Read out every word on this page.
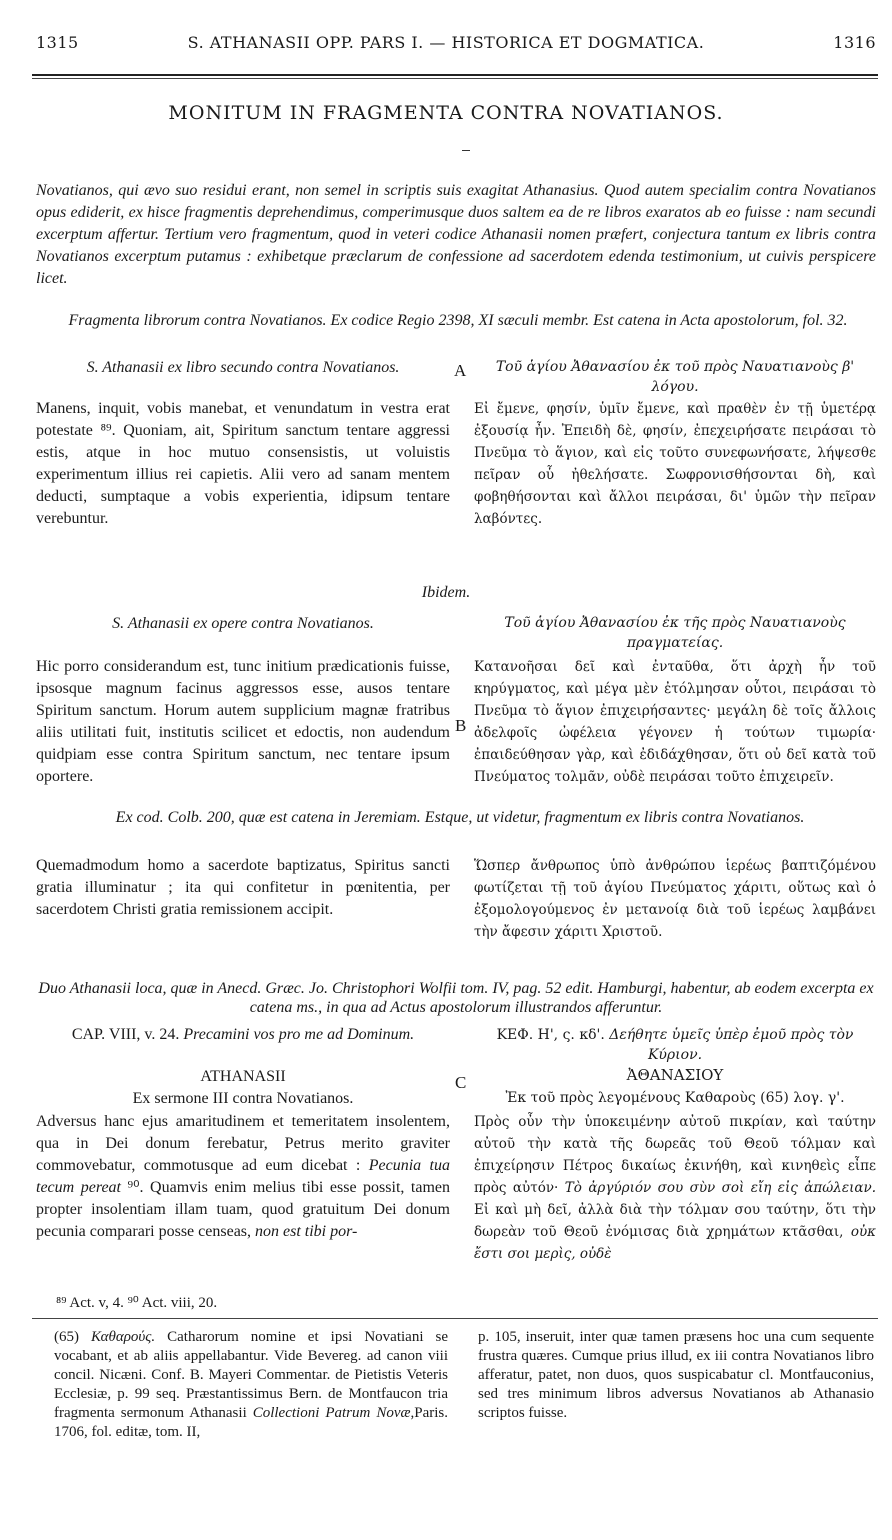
1315	S. ATHANASII OPP. PARS I. — HISTORICA ET DOGMATICA.	1316
MONITUM IN FRAGMENTA CONTRA NOVATIANOS.

Novatianos, qui ævo suo residui erant, non semel in scriptis suis exagitat Athanasius. Quod autem specialim contra Novatianos opus ediderit, ex hisce fragmentis deprehendimus, comperimusque duos saltem ea de re libros exaratos ab eo fuisse : nam secundi excerptum affertur. Tertium vero fragmentum, quod in veteri codice Athanasii nomen præfert, conjectura tantum ex libris contra Novatianos excerptum putamus : exhibetque præclarum de confessione ad sacerdotem edenda testimonium, ut cuivis perspicere licet.

Fragmenta librorum contra Novatianos. Ex codice Regio 2398, XI sæculi membr. Est catena in Acta apostolorum, fol. 32.

S. Athanasii ex libro secundo contra Novatianos.	Τοῦ ἁγίου Ἀθανασίου ἐκ τοῦ πρὸς Ναυατιανοὺς β' λόγου.

A

Manens, inquit, vobis manebat, et venundatum in vestra erat potestate ⁸⁹. Quoniam, ait, Spiritum sanctum tentare aggressi estis, atque in hoc mutuo consensistis, ut voluistis experimentum illius rei capietis. Alii vero ad sanam mentem deducti, sumptaque a vobis experientia, idipsum tentare verebuntur.

Εἰ ἔμενε, φησίν, ὑμῖν ἔμενε, καὶ πραθὲν ἐν τῇ ὑμετέρᾳ ἐξουσίᾳ ἦν. Ἐπειδὴ δὲ, φησίν, ἐπεχειρήσατε πειράσαι τὸ Πνεῦμα τὸ ἅγιον, καὶ εἰς τοῦτο συνεφωνήσατε, λήψεσθε πεῖραν οὗ ἠθελήσατε. Σωφρονισθήσονται δὴ, καὶ φοβηθήσονται καὶ ἄλλοι πειράσαι, δι' ὑμῶν τὴν πεῖραν λαβόντες.

Ibidem.

S. Athanasii ex opere contra Novatianos.	Τοῦ ἁγίου Ἀθανασίου ἐκ τῆς πρὸς Ναυατιανοὺς πραγματείας.

Hic porro considerandum est, tunc initium prædicationis fuisse, ipsosque magnum facinus aggressos esse, ausos tentare Spiritum sanctum. Horum autem supplicium magnæ fratribus aliis utilitati fuit, institutis scilicet et edoctis, non audendum quidpiam esse contra Spiritum sanctum, nec tentare ipsum oportere.

Κατανοῆσαι δεῖ καὶ ἐνταῦθα, ὅτι ἀρχὴ ἦν τοῦ κηρύγματος, καὶ μέγα μὲν ἐτόλμησαν οὗτοι, πειράσαι τὸ Πνεῦμα τὸ ἅγιον ἐπιχειρήσαντες· μεγάλη δὲ τοῖς ἄλλοις ἀδελφοῖς ὠφέλεια γέγονεν ἡ τούτων τιμωρία· ἐπαιδεύθησαν γὰρ, καὶ ἐδιδάχθησαν, ὅτι οὐ δεῖ κατὰ τοῦ Πνεύματος τολμᾶν, οὐδὲ πειράσαι τοῦτο ἐπιχειρεῖν.

B

Ex cod. Colb. 200, quæ est catena in Jeremiam. Estque, ut videtur, fragmentum ex libris contra Novatianos.

Quemadmodum homo a sacerdote baptizatus, Spiritus sancti gratia illuminatur ; ita qui confitetur in pœnitentia, per sacerdotem Christi gratia remissionem accipit.

Ὥσπερ ἄνθρωπος ὑπὸ ἀνθρώπου ἱερέως βαπτιζόμένου φωτίζεται τῇ τοῦ ἁγίου Πνεύματος χάριτι, οὕτως καὶ ὁ ἐξομολογούμενος ἐν μετανοίᾳ διὰ τοῦ ἱερέως λαμβάνει τὴν ἄφεσιν χάριτι Χριστοῦ.

Duo Athanasii loca, quæ in Anecd. Græc. Jo. Christophori Wolfii tom. IV, pag. 52 edit. Hamburgi, habentur, ab eodem excerpta ex catena ms., in qua ad Actus apostolorum illustrandos afferuntur.

CAP. VIII, v. 24. Precamini vos pro me ad Dominum.

ATHANASII

Ex sermone III contra Novatianos.

Adversus hanc ejus amaritudinem et temeritatem insolentem, qua in Dei donum ferebatur, Petrus merito graviter commovebatur, commotusque ad eum dicebat : Pecunia tua tecum pereat ⁹⁰. Quamvis enim melius tibi esse possit, tamen propter insolentiam illam tuam, quod gratuitum Dei donum pecunia comparari posse censeas, non est tibi por-

ΚΕΦ. Η', ς. κδ'. Δεήθητε ὑμεῖς ὑπὲρ ἐμοῦ πρὸς τὸν Κύριον.

ἈΘΑΝΑΣΙΟΥ

Ἐκ τοῦ πρὸς λεγομένους Καθαροὺς (65) λογ. γ'.

Πρὸς οὖν τὴν ὑποκειμένην αὐτοῦ πικρίαν, καὶ ταύτην αὐτοῦ τὴν κατὰ τῆς δωρεᾶς τοῦ Θεοῦ τόλμαν καὶ ἐπιχείρησιν Πέτρος δικαίως ἐκινήθη, καὶ κινηθεὶς εἶπε πρὸς αὐτόν· Τὸ ἀργύριόν σου σὺν σοὶ εἴη εἰς ἀπώλειαν. Εἰ καὶ μὴ δεῖ, ἀλλὰ διὰ τὴν τόλμαν σου ταύτην, ὅτι τὴν δωρεὰν τοῦ Θεοῦ ἐνόμισας διὰ χρημάτων κτᾶσθαι, οὐκ ἔστι σοι μερὶς, οὐδὲ

C

⁸⁹ Act. v, 4. ⁹⁰ Act. viii, 20.

(65) Καθαρούς. Catharorum nomine et ipsi Novatiani se vocabant, et ab aliis appellabantur. Vide Bevereg. ad canon viii concil. Nicæni. Conf. B. Mayeri Commentar. de Pietistis Veteris Ecclesiæ, p. 99 seq. Præstantissimus Bern. de Montfaucon tria fragmenta sermonum Athanasii Collectioni Patrum Novæ,Paris. 1706, fol. editæ, tom. II,

p. 105, inseruit, inter quæ tamen præsens hoc una cum sequente frustra quæres. Cumque prius illud, ex iii contra Novatianos libro afferatur, patet, non duos, quos suspicabatur cl. Montfauconius, sed tres minimum libros adversus Novatianos ab Athanasio scriptos fuisse.
